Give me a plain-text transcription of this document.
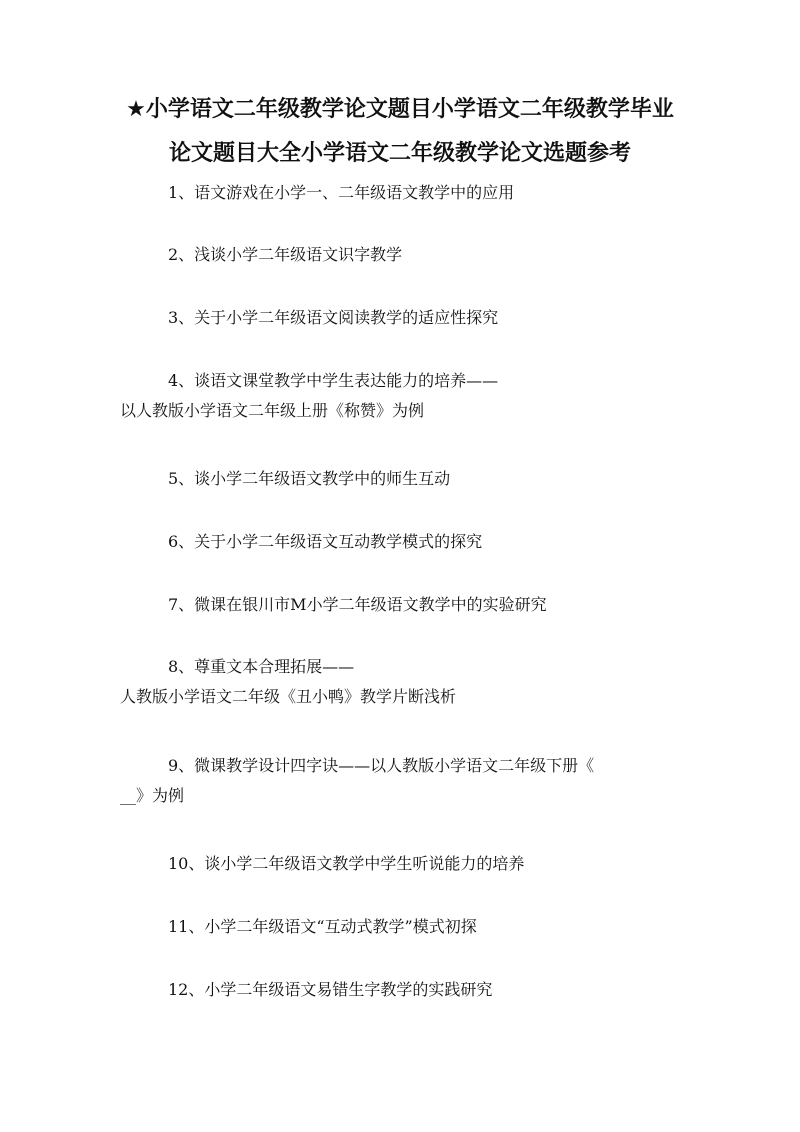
★小学语文二年级教学论文题目小学语文二年级教学毕业
论文题目大全小学语文二年级教学论文选题参考

1、语文游戏在小学一、二年级语文教学中的应用

2、浅谈小学二年级语文识字教学

3、关于小学二年级语文阅读教学的适应性探究

4、谈语文课堂教学中学生表达能力的培养——
以人教版小学语文二年级上册《称赞》为例

5、谈小学二年级语文教学中的师生互动

6、关于小学二年级语文互动教学模式的探究

7、微课在银川市M小学二年级语文教学中的实验研究

8、尊重文本合理拓展——
人教版小学语文二年级《丑小鸭》教学片断浅析

9、微课教学设计四字诀——以人教版小学语文二年级下册《
__》为例

10、谈小学二年级语文教学中学生听说能力的培养

11、小学二年级语文“互动式教学”模式初探

12、小学二年级语文易错生字教学的实践研究
